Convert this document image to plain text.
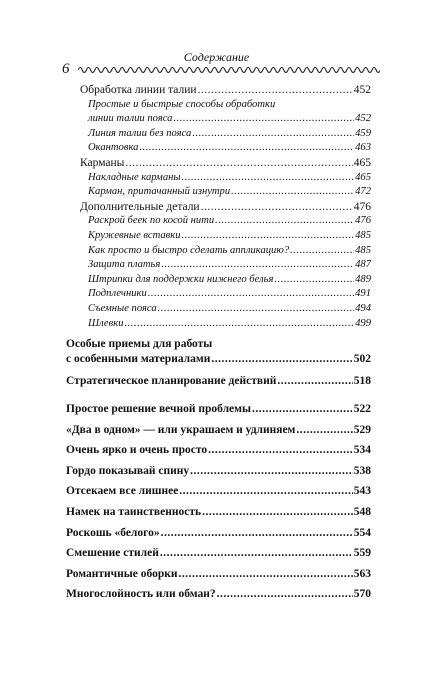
Содержание
6
Обработка линии талии .....	452
Простые и быстрые способы обработки
линии талии пояса .....	452
Линия талии без пояса .....	459
Окантовка .....	463
Карманы .....	465
Накладные карманы .....	465
Карман, притачанный изнутри .....	472
Дополнительные детали .....	476
Раскрой беек по косой нити .....	476
Кружевные вставки .....	485
Как просто и быстро сделать аппликацию? .....	485
Защита платья .....	487
Штрипки для поддержки нижнего белья .....	489
Подплечники .....	491
Съемные пояса .....	494
Шлевки .....	499
Особые приемы для работы
с особенными материалами .....	502
Стратегическое планирование действий .....	518
Простое решение вечной проблемы .....	522
«Два в одном» — или украшаем и удлиняем .....	529
Очень ярко и очень просто .....	534
Гордо показывай спину .....	538
Отсекаем все лишнее .....	543
Намек на таинственность .....	548
Роскошь «белого» .....	554
Смешение стилей .....	559
Романтичные оборки .....	563
Многослойность или обман? .....	570
